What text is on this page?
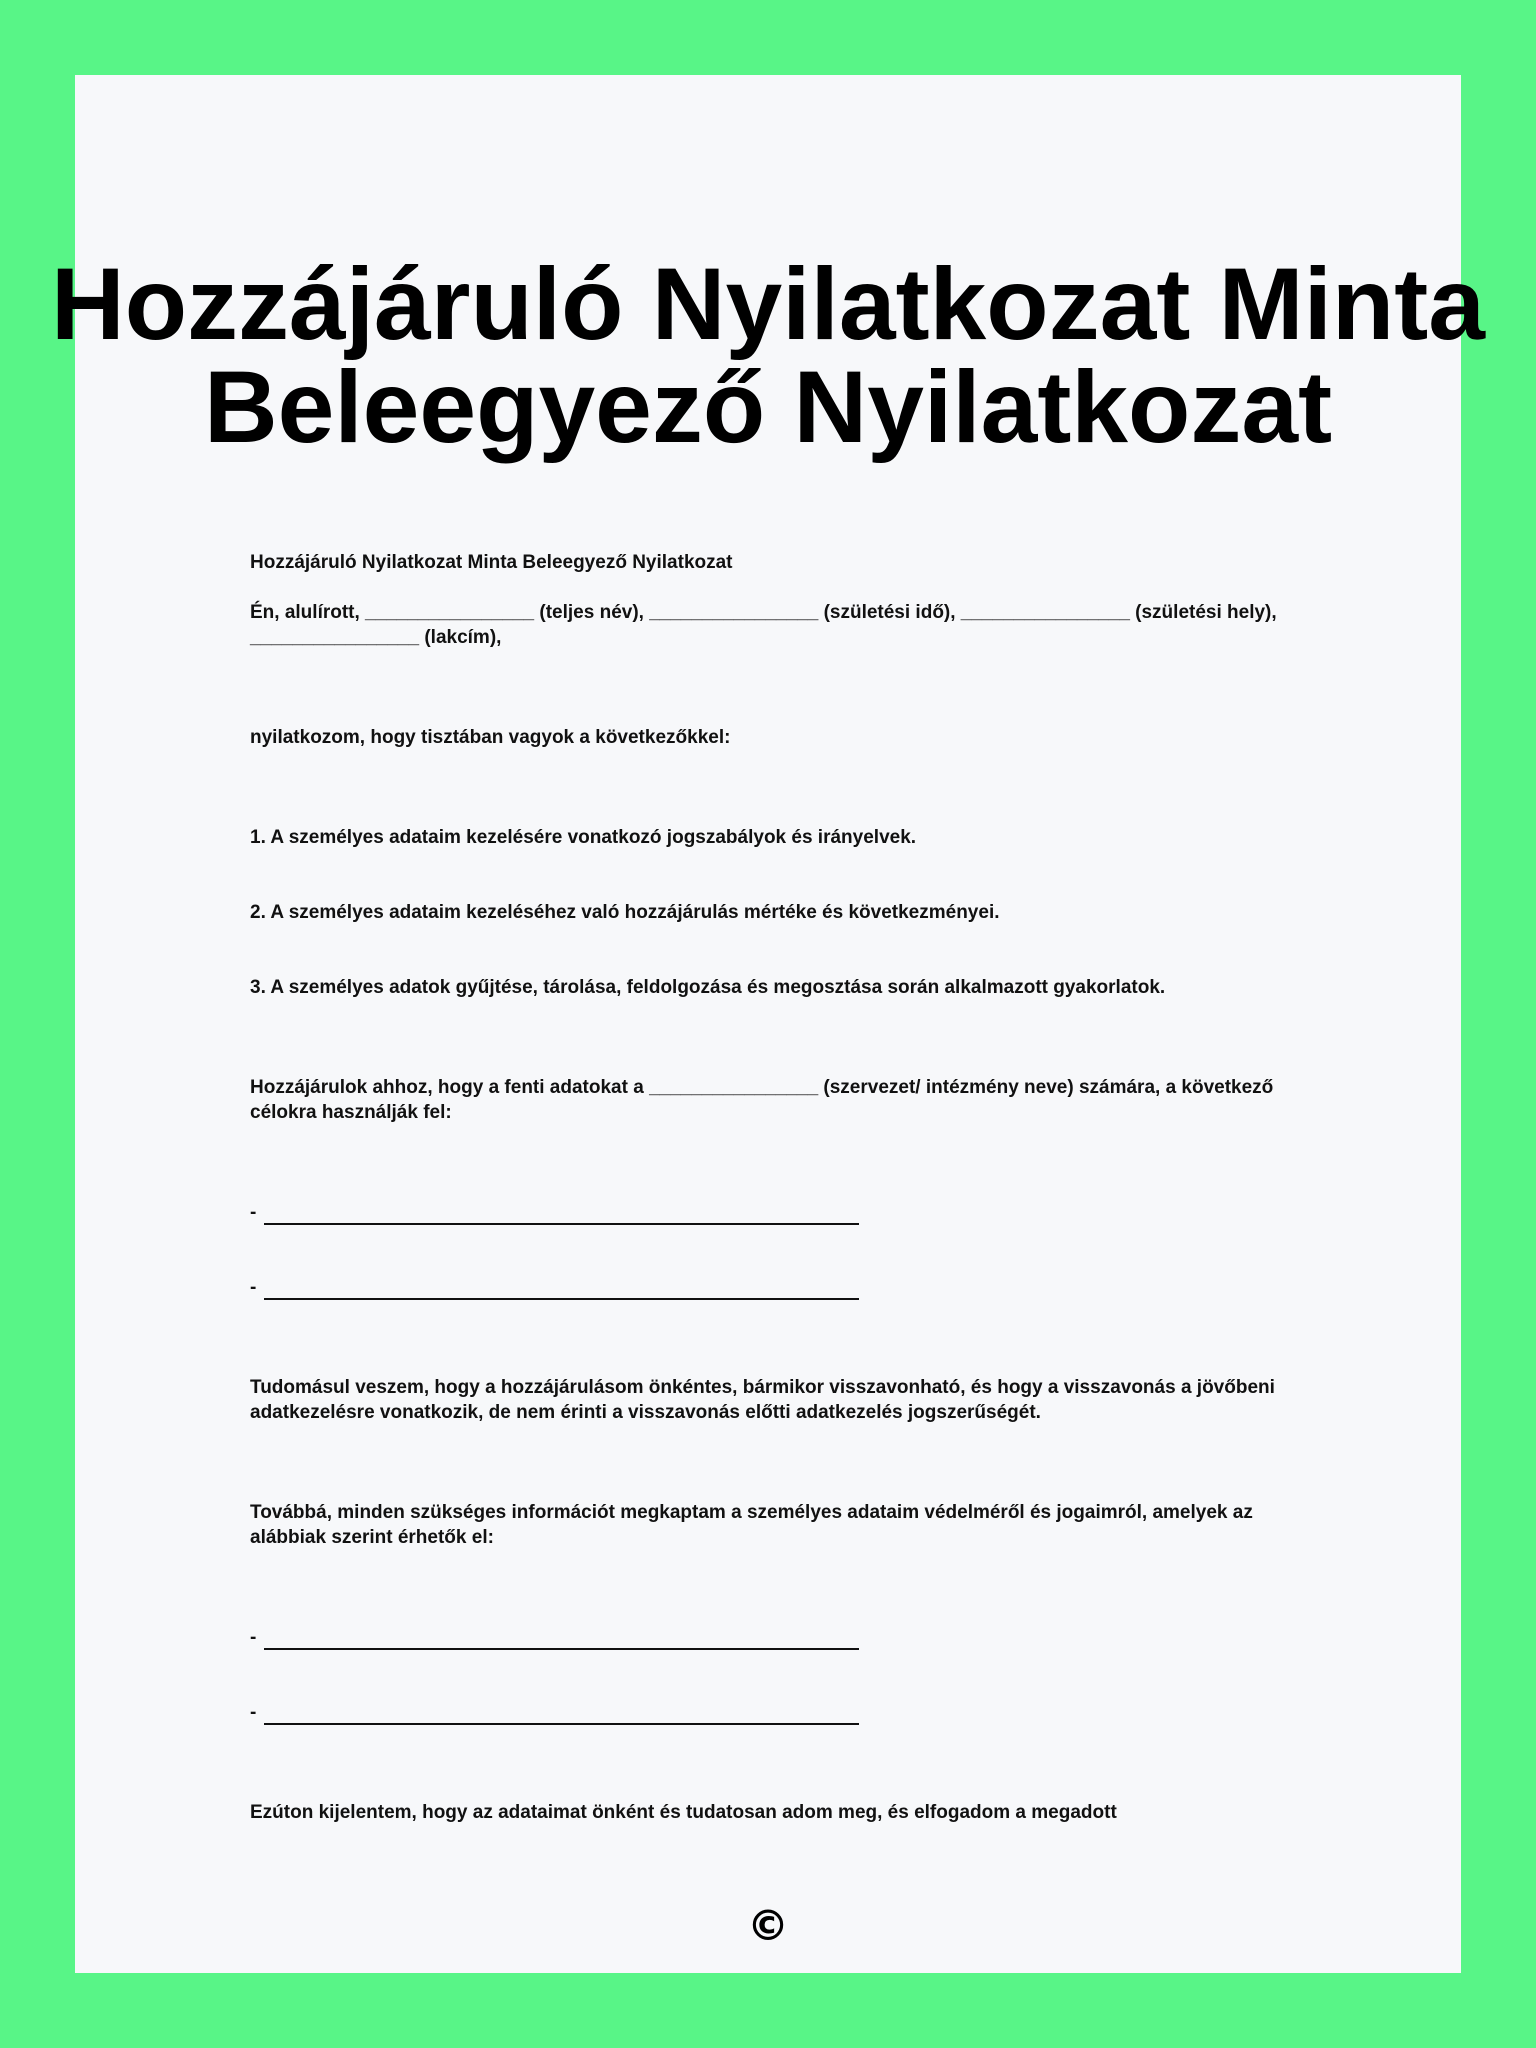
Hozzájáruló Nyilatkozat Minta
Beleegyező Nyilatkozat

Hozzájáruló Nyilatkozat Minta Beleegyező Nyilatkozat

Én, alulírott, ________________ (teljes név), ________________ (születési idő), ________________ (születési hely), ________________ (lakcím),

nyilatkozom, hogy tisztában vagyok a következőkkel:

1. A személyes adataim kezelésére vonatkozó jogszabályok és irányelvek.

2. A személyes adataim kezeléséhez való hozzájárulás mértéke és következményei.

3. A személyes adatok gyűjtése, tárolása, feldolgozása és megosztása során alkalmazott gyakorlatok.

Hozzájárulok ahhoz, hogy a fenti adatokat a ________________ (szervezet/ intézmény neve) számára, a következő célokra használják fel:

-
-

Tudomásul veszem, hogy a hozzájárulásom önkéntes, bármikor visszavonható, és hogy a visszavonás a jövőbeni adatkezelésre vonatkozik, de nem érinti a visszavonás előtti adatkezelés jogszerűségét.

Továbbá, minden szükséges információt megkaptam a személyes adataim védelméről és jogaimról, amelyek az alábbiak szerint érhetők el:

-
-

Ezúton kijelentem, hogy az adataimat önként és tudatosan adom meg, és elfogadom a megadott

©
